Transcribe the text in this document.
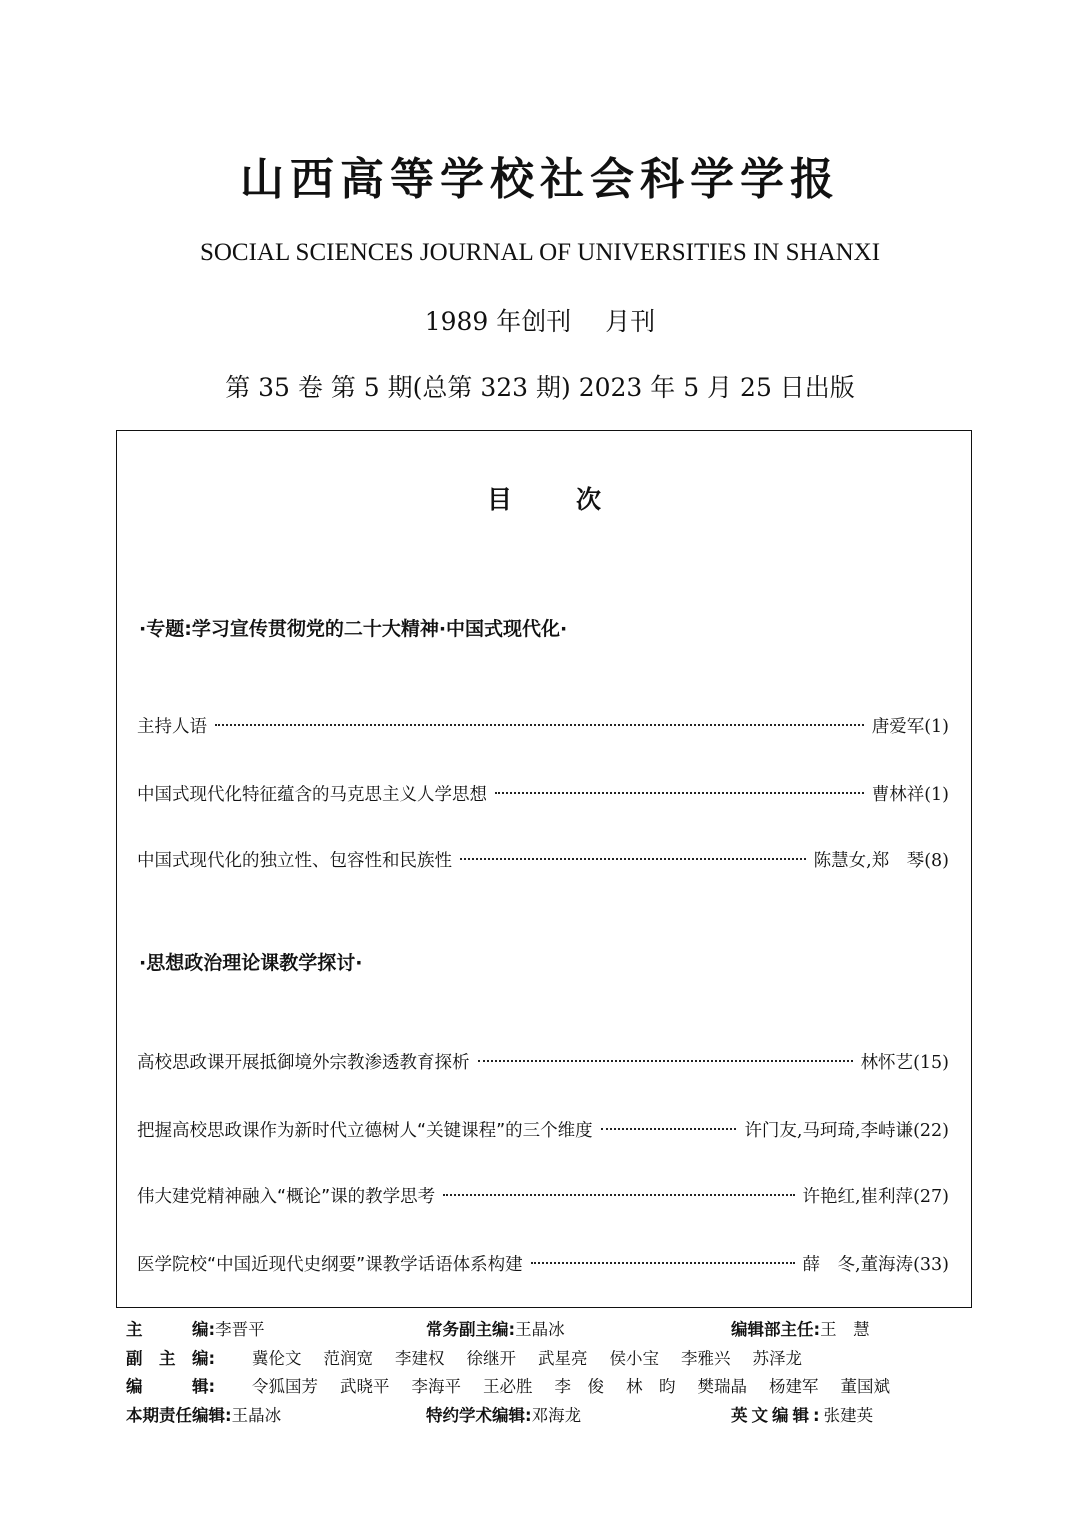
山西高等学校社会科学学报
SOCIAL SCIENCES JOURNAL OF UNIVERSITIES IN SHANXI
1989 年创刊 月刊
第 35 卷 第 5 期(总第 323 期) 2023 年 5 月 25 日出版
目次
·专题:学习宣传贯彻党的二十大精神·中国式现代化·
主持人语	唐爱军 (1)
中国式现代化特征蕴含的马克思主义人学思想	曹林祥 (1)
中国式现代化的独立性、包容性和民族性	陈慧女,郑　琴 (8)
·思想政治理论课教学探讨·
高校思政课开展抵御境外宗教渗透教育探析	林怀艺 (15)
把握高校思政课作为新时代立德树人“关键课程”的三个维度	许门友,马珂琦,李峙谦 (22)
伟大建党精神融入“概论”课的教学思考	许艳红,崔利萍 (27)
医学院校“中国近现代史纲要”课教学话语体系构建	薛　冬,董海涛 (33)
主　　　编:李晋平	常务副主编:王晶冰	编辑部主任:王　慧
副　主　编:	冀伦文 范润宽 李建权 徐继开 武星亮 侯小宝 李雅兴 苏泽龙
编　　　辑:	令狐国芳 武晓平 李海平 王必胜 李　俊 林　昀 樊瑞晶 杨建军 董国斌
本期责任编辑:王晶冰	特约学术编辑:邓海龙	英文编辑:张建英
